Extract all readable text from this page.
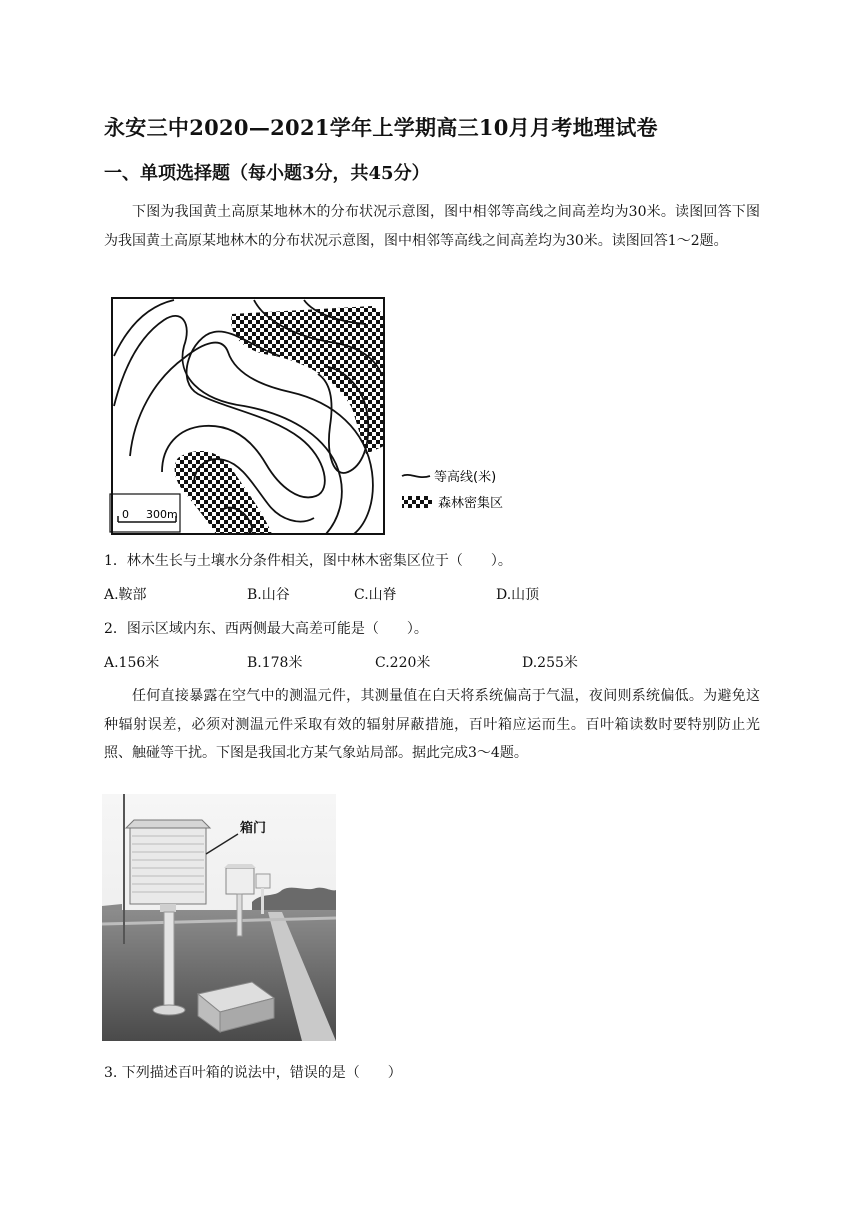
永安三中2020—2021学年上学期高三10月月考地理试卷
一、单项选择题（每小题3分，共45分）
下图为我国黄土高原某地林木的分布状况示意图，图中相邻等高线之间高差均为30米。读图回答下图为我国黄土高原某地林木的分布状况示意图，图中相邻等高线之间高差均为30米。读图回答1～2题。
0 300m
等高线(米)
森林密集区
1．林木生长与土壤水分条件相关，图中林木密集区位于（　　）。
A.鞍部	B.山谷	C.山脊	D.山顶
2．图示区域内东、西两侧最大高差可能是（　　）。
A.156米	B.178米	C.220米	D.255米
任何直接暴露在空气中的测温元件，其测量值在白天将系统偏高于气温，夜间则系统偏低。为避免这种辐射误差，必须对测温元件采取有效的辐射屏蔽措施，百叶箱应运而生。百叶箱读数时要特别防止光照、触碰等干扰。下图是我国北方某气象站局部。据此完成3～4题。
箱门
3. 下列描述百叶箱的说法中，错误的是（　　）
